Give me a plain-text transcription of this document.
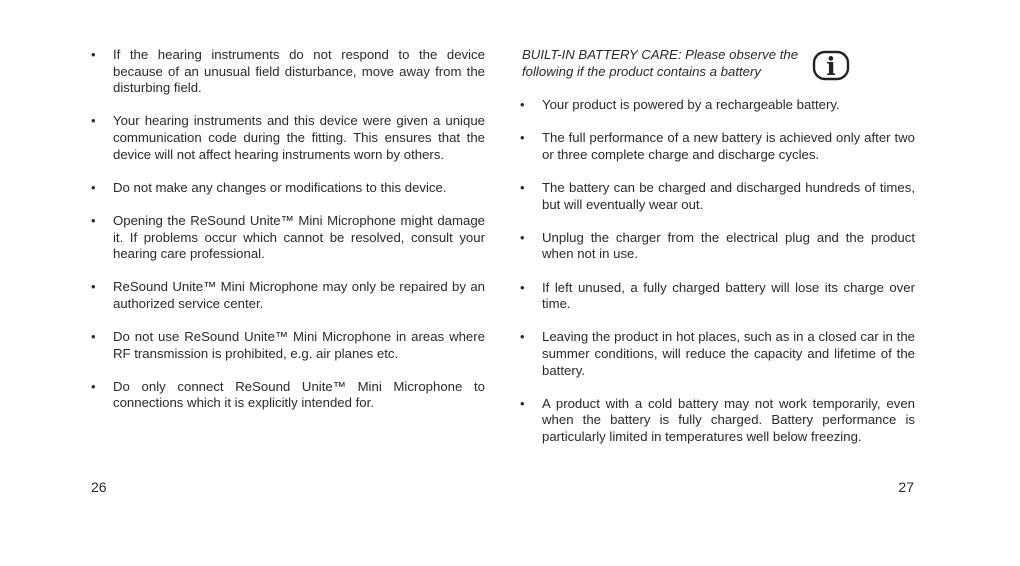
• If the hearing instruments do not respond to the device because of an unusual field disturbance, move away from the disturbing field.
• Your hearing instruments and this device were given a unique communication code during the fitting. This ensures that the device will not affect hearing instruments worn by others.
• Do not make any changes or modifications to this device.
• Opening the ReSound Unite™ Mini Microphone might damage it. If problems occur which cannot be resolved, consult your hearing care professional.
• ReSound Unite™ Mini Microphone may only be repaired by an authorized service center.
• Do not use ReSound Unite™ Mini Microphone in areas where RF transmission is prohibited, e.g. air planes etc.
• Do only connect ReSound Unite™ Mini Microphone to connections which it is explicitly intended for.
26
BUILT-IN BATTERY CARE: Please observe the following if the product contains a battery	i
• Your product is powered by a rechargeable battery.
• The full performance of a new battery is achieved only after two or three complete charge and discharge cycles.
• The battery can be charged and discharged hundreds of times, but will eventually wear out.
• Unplug the charger from the electrical plug and the product when not in use.
• If left unused, a fully charged battery will lose its charge over time.
• Leaving the product in hot places, such as in a closed car in the summer conditions, will reduce the capacity and lifetime of the battery.
• A product with a cold battery may not work temporarily, even when the battery is fully charged. Battery performance is particularly limited in temperatures well below freezing.
27
